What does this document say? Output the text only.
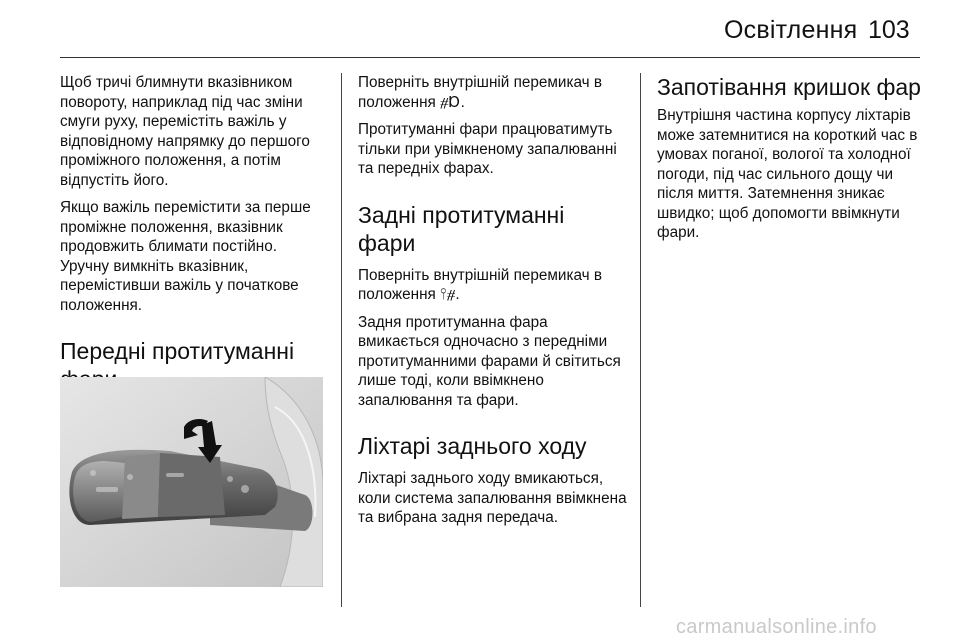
Освітлення 103

Щоб тричі блимнути вказівником повороту, наприклад під час зміни смуги руху, перемістіть важіль у відповідному напрямку до першого проміжного положення, а потім відпустіть його.

Якщо важіль перемістити за перше проміжне положення, вказівник продовжить блимати постійно. Уручну вимкніть вказівник, перемістивши важіль у початкове положення.

Передні протитуманні

Поверніть внутрішній перемикач в положення ⧣Ɒ.

Протитуманні фари працюватимуть тільки при увімкненому запалюванні та передніх фарах.

Задні протитуманні фари

Поверніть внутрішній перемикач в положення ⫯⧣.

Задня протитуманна фара вмикається одночасно з передніми протитуманними фарами й світиться лише тоді, коли ввімкнено запалювання та фари.

Ліхтарі заднього ходу

Ліхтарі заднього ходу вмикаються, коли система запалювання ввімкнена та вибрана задня передача.

Запотівання кришок фар

Внутрішня частина корпусу ліхтарів може затемнитися на короткий час в умовах поганої, вологої та холодної погоди, під час сильного дощу чи після миття. Затемнення зникає швидко; щоб допомогти ввімкнути фари.

carmanualsonline.info
